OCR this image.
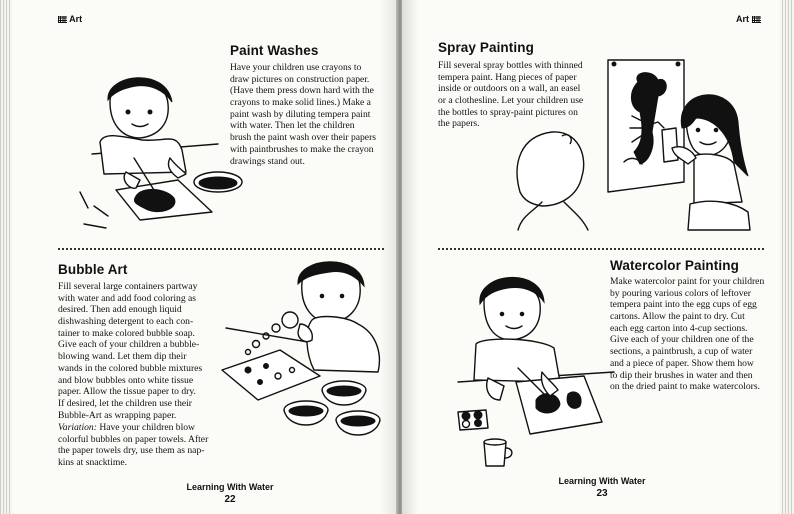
Art
Paint Washes
Have your children use crayons to
draw pictures on construction paper.
(Have them press down hard with the
crayons to make solid lines.) Make a
paint wash by diluting tempera paint
with water. Then let the children
brush the paint wash over their papers
with paintbrushes to make the crayon
drawings stand out.
Bubble Art
Fill several large containers partway
with water and add food coloring as
desired. Then add enough liquid
dishwashing detergent to each con-
tainer to make colored bubble soap.
Give each of your children a bubble-
blowing wand. Let them dip their
wands in the colored bubble mixtures
and blow bubbles onto white tissue
paper. Allow the tissue paper to dry.
If desired, let the children use their
Bubble-Art as wrapping paper.
Variation: Have your children blow
colorful bubbles on paper towels. After
the paper towels dry, use them as nap-
kins at snacktime.
Learning With Water
22
Art
Spray Painting
Fill several spray bottles with thinned
tempera paint. Hang pieces of paper
inside or outdoors on a wall, an easel
or a clothesline. Let your children use
the bottles to spray-paint pictures on
the papers.
Watercolor Painting
Make watercolor paint for your children
by pouring various colors of leftover
tempera paint into the egg cups of egg
cartons. Allow the paint to dry. Cut
each egg carton into 4-cup sections.
Give each of your children one of the
sections, a paintbrush, a cup of water
and a piece of paper. Show them how
to dip their brushes in water and then
on the dried paint to make watercolors.
Learning With Water
23
